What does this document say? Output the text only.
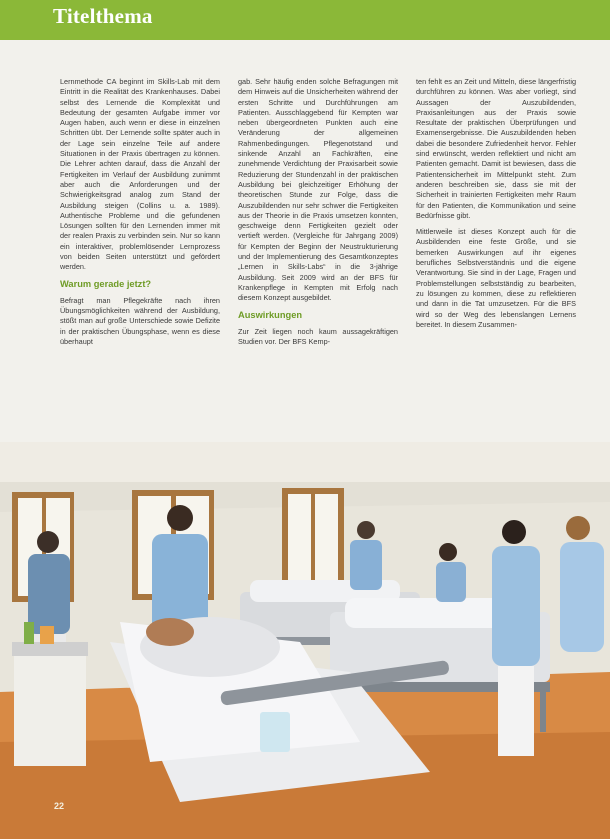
Titelthema

Lernmethode CA beginnt im Skills-Lab mit dem Eintritt in die Realität des Krankenhauses. Dabei selbst des Lernende die Komplexität und Bedeutung der gesamten Aufgabe immer vor Augen haben, auch wenn er diese in einzelnen Schritten übt. Der Lernende sollte später auch in der Lage sein einzelne Teile auf andere Situationen in der Praxis übertragen zu können. Die Lehrer achten darauf, dass die Anzahl der Fertigkeiten im Verlauf der Ausbildung zunimmt aber auch die Anforderungen und der Schwierigkeitsgrad analog zum Stand der Ausbildung steigen (Collins u. a. 1989). Authentische Probleme und die gefundenen Lösungen sollten für den Lernenden immer mit der realen Praxis zu verbinden sein. Nur so kann ein interaktiver, problemlösender Lernprozess von beiden Seiten unterstützt und gefördert werden.

Warum gerade jetzt?

Befragt man Pflegekräfte nach ihren Übungsmöglichkeiten während der Ausbildung, stößt man auf große Unterschiede sowie Defizite in der praktischen Übungsphase, wenn es diese überhaupt

gab. Sehr häufig enden solche Befragungen mit dem Hinweis auf die Unsicherheiten während der ersten Schritte und Durchführungen am Patienten. Ausschlaggebend für Kempten war neben übergeordneten Punkten auch eine Veränderung der allgemeinen Rahmenbedingungen. Pflegenotstand und sinkende Anzahl an Fachkräften, eine zunehmende Verdichtung der Praxisarbeit sowie Reduzierung der Stundenzahl in der praktischen Ausbildung bei gleichzeitiger Erhöhung der theoretischen Stunde zur Folge, dass die Auszubildenden nur sehr schwer die Fertigkeiten aus der Theorie in die Praxis umsetzen konnten, geschweige denn Fertigkeiten gezielt oder vertieft werden. (Vergleiche für Jahrgang 2009) für Kempten der Beginn der Neustrukturierung und der Implementierung des Gesamtkonzeptes „Lernen in Skills-Labs“ in die 3-jährige Ausbildung. Seit 2009 wird an der BFS für Krankenpflege in Kempten mit Erfolg nach diesem Konzept ausgebildet.

Auswirkungen

Zur Zeit liegen noch kaum aussagekräftigen Studien vor. Der BFS Kemp-

ten fehlt es an Zeit und Mitteln, diese längerfristig durchführen zu können. Was aber vorliegt, sind Aussagen der Auszubildenden, Praxisanleitungen aus der Praxis sowie Resultate der praktischen Überprüfungen und Examensergebnisse. Die Auszubildenden heben dabei die besondere Zufriedenheit hervor. Fehler sind erwünscht, werden reflektiert und nicht am Patienten gemacht. Damit ist bewiesen, dass die Patientensicherheit im Mittelpunkt steht. Zum anderen beschreiben sie, dass sie mit der Sicherheit in trainierten Fertigkeiten mehr Raum für den Patienten, die Kommunikation und seine Bedürfnisse gibt.

Mittlerweile ist dieses Konzept auch für die Ausbildenden eine feste Größe, und sie bemerken Auswirkungen auf ihr eigenes berufliches Selbstverständnis und die eigene Verantwortung. Sie sind in der Lage, Fragen und Problemstellungen selbstständig zu bearbeiten, zu lösungen zu kommen, diese zu reflektieren und dann in die Tat umzusetzen. Für die BFS wird so der Weg des lebenslangen Lernens bereitet. In diesem Zusammen-

22
